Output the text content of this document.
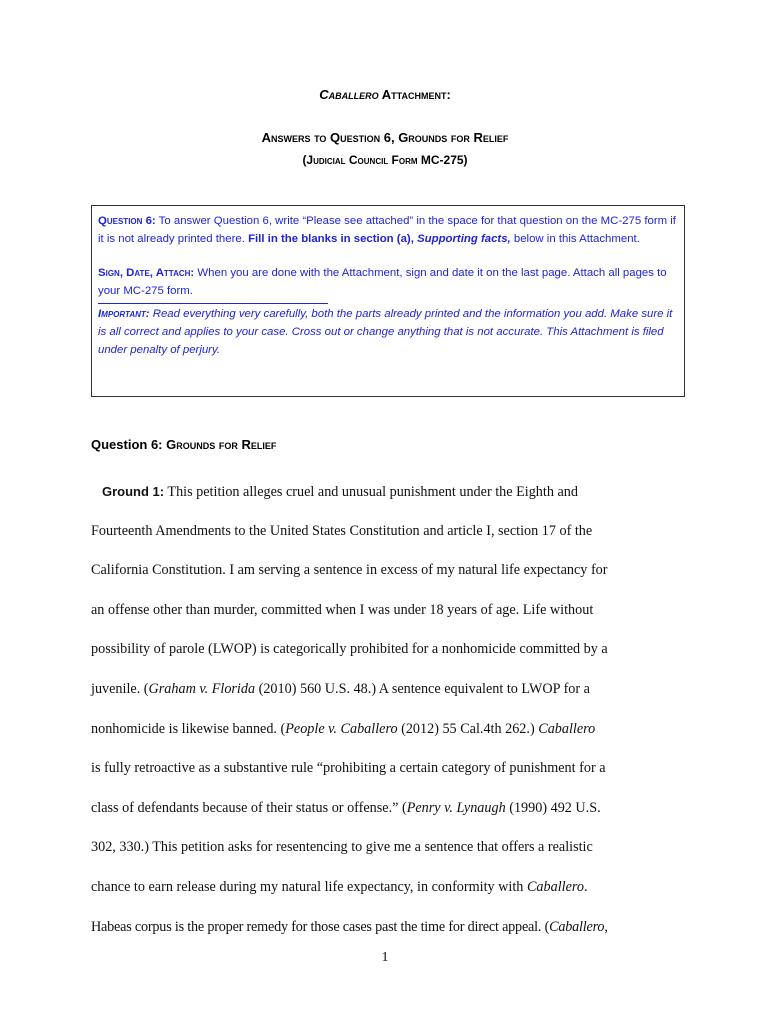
Caballero Attachment:
Answers to Question 6, Grounds for Relief
(Judicial Council Form MC-275)

Question 6: To answer Question 6, write “Please see attached” in the space for that question on the MC-275 form if it is not already printed there. Fill in the blanks in section (a), Supporting facts, below in this Attachment.

Sign, Date, Attach: When you are done with the Attachment, sign and date it on the last page. Attach all pages to your MC-275 form.

Important: Read everything very carefully, both the parts already printed and the information you add. Make sure it is all correct and applies to your case. Cross out or change anything that is not accurate. This Attachment is filed under penalty of perjury.

Question 6: Grounds for Relief
Ground 1: This petition alleges cruel and unusual punishment under the Eighth and
Fourteenth Amendments to the United States Constitution and article I, section 17 of the
California Constitution. I am serving a sentence in excess of my natural life expectancy for
an offense other than murder, committed when I was under 18 years of age. Life without
possibility of parole (LWOP) is categorically prohibited for a nonhomicide committed by a
juvenile. (Graham v. Florida (2010) 560 U.S. 48.) A sentence equivalent to LWOP for a
nonhomicide is likewise banned. (People v. Caballero (2012) 55 Cal.4th 262.) Caballero
is fully retroactive as a substantive rule “prohibiting a certain category of punishment for a
class of defendants because of their status or offense.” (Penry v. Lynaugh (1990) 492 U.S.
302, 330.) This petition asks for resentencing to give me a sentence that offers a realistic
chance to earn release during my natural life expectancy, in conformity with Caballero.
Habeas corpus is the proper remedy for those cases past the time for direct appeal. (Caballero,
1
